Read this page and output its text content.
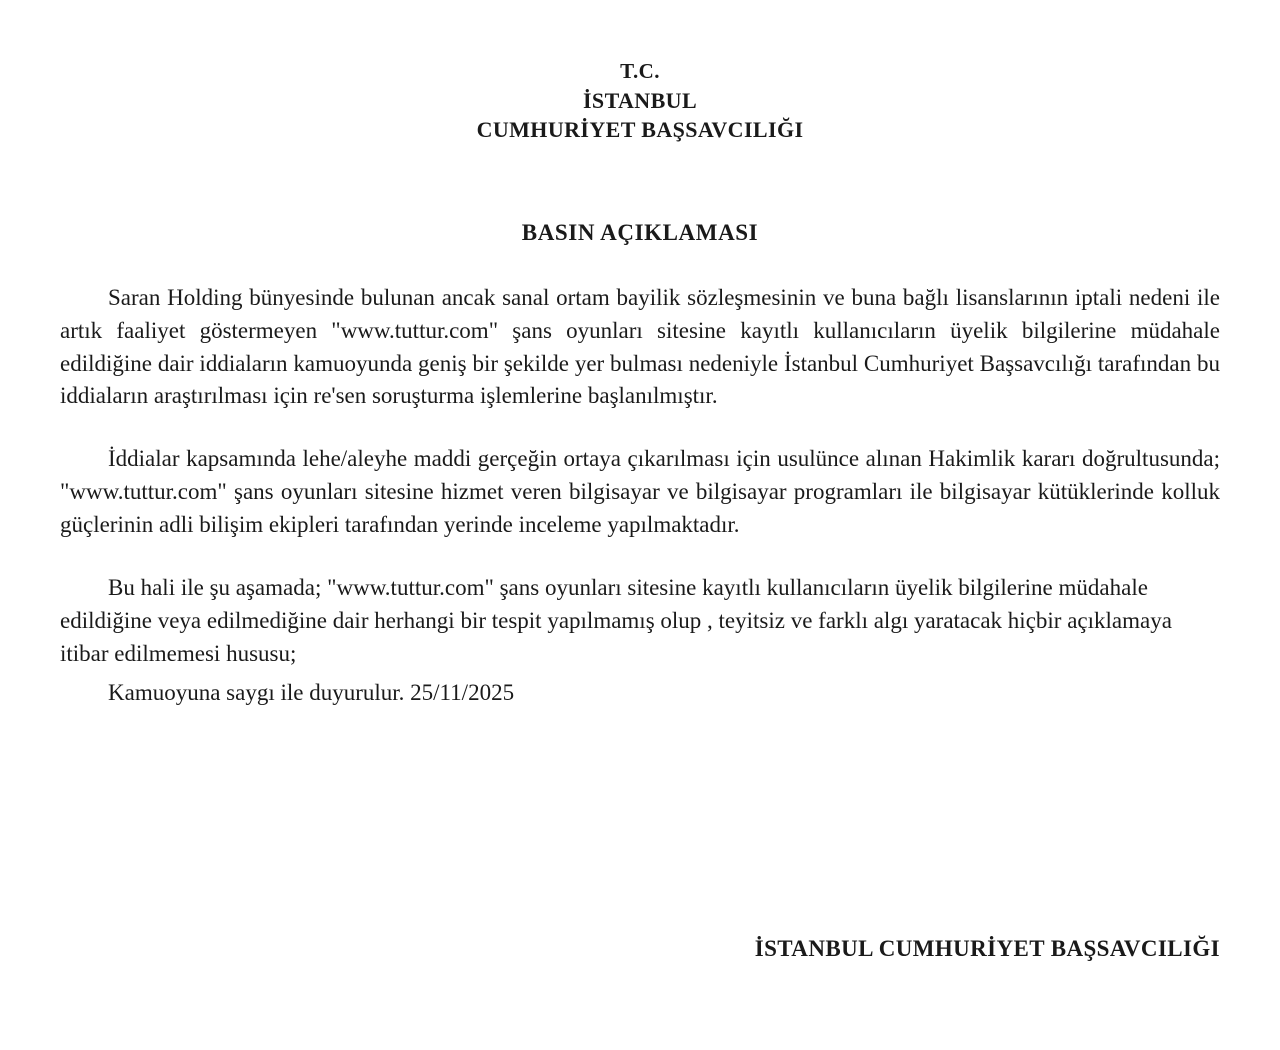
T.C.
İSTANBUL
CUMHURİYET BAŞSAVCILIĞI
BASIN AÇIKLAMASI

Saran Holding bünyesinde bulunan ancak sanal ortam bayilik sözleşmesinin ve buna bağlı lisanslarının iptali nedeni ile artık faaliyet göstermeyen "www.tuttur.com" şans oyunları sitesine kayıtlı kullanıcıların üyelik bilgilerine müdahale edildiğine dair iddiaların kamuoyunda geniş bir şekilde yer bulması nedeniyle İstanbul Cumhuriyet Başsavcılığı tarafından bu iddiaların araştırılması için re'sen soruşturma işlemlerine başlanılmıştır.

İddialar kapsamında lehe/aleyhe maddi gerçeğin ortaya çıkarılması için usulünce alınan Hakimlik kararı doğrultusunda; "www.tuttur.com" şans oyunları sitesine hizmet veren bilgisayar ve bilgisayar programları ile bilgisayar kütüklerinde kolluk güçlerinin adli bilişim ekipleri tarafından yerinde inceleme yapılmaktadır.

Bu hali ile şu aşamada; "www.tuttur.com" şans oyunları sitesine kayıtlı kullanıcıların üyelik bilgilerine müdahale edildiğine veya edilmediğine dair herhangi bir tespit yapılmamış olup , teyitsiz ve farklı algı yaratacak hiçbir açıklamaya itibar edilmemesi hususu;

Kamuoyuna saygı ile duyurulur. 25/11/2025
İSTANBUL CUMHURİYET BAŞSAVCILIĞI
